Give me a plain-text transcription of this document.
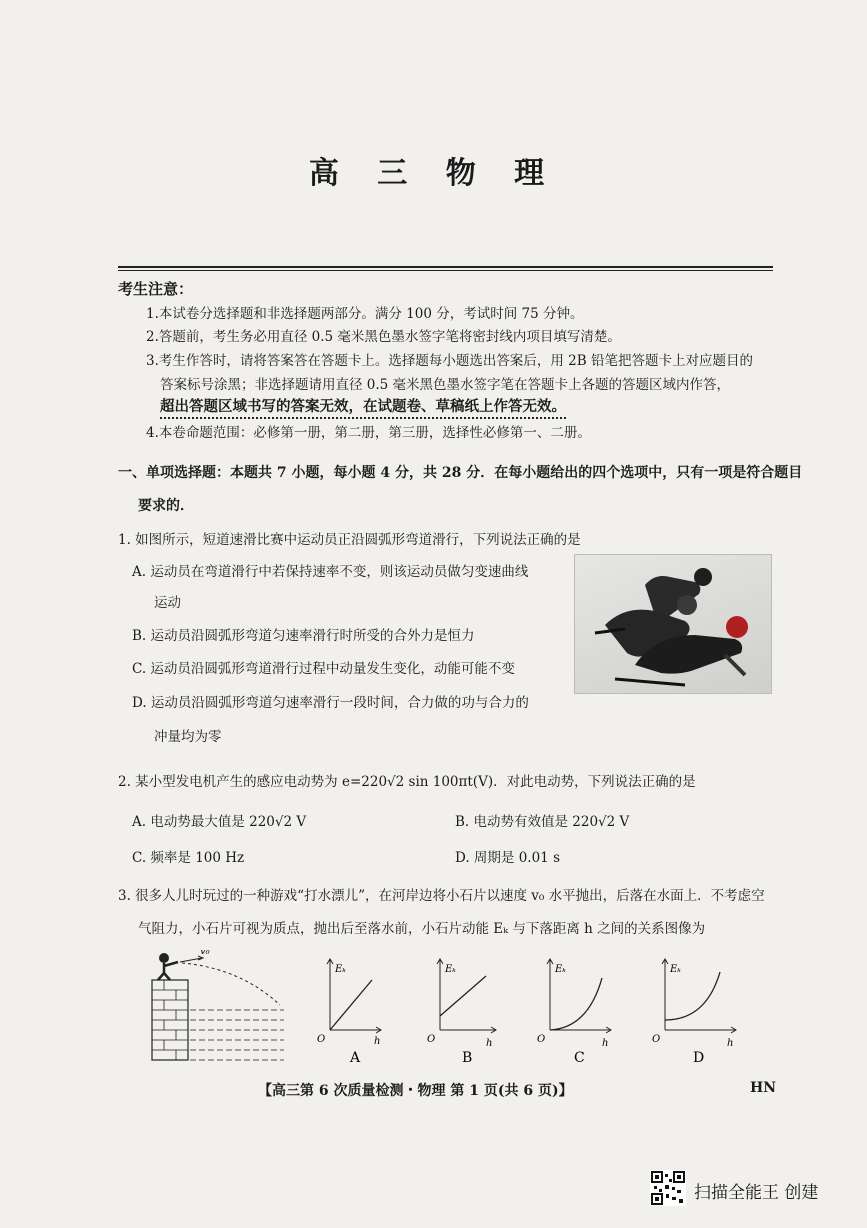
高 三 物 理
考生注意：
1.本试卷分选择题和非选择题两部分。满分 100 分，考试时间 75 分钟。
2.答题前，考生务必用直径 0.5 毫米黑色墨水签字笔将密封线内项目填写清楚。
3.考生作答时，请将答案答在答题卡上。选择题每小题选出答案后，用 2B 铅笔把答题卡上对应题目的
答案标号涂黑；非选择题请用直径 0.5 毫米黑色墨水签字笔在答题卡上各题的答题区域内作答，
超出答题区域书写的答案无效，在试题卷、草稿纸上作答无效。
4.本卷命题范围：必修第一册，第二册，第三册，选择性必修第一、二册。
一、单项选择题：本题共 7 小题，每小题 4 分，共 28 分．在每小题给出的四个选项中，只有一项是符合题目
要求的．
1. 如图所示，短道速滑比赛中运动员正沿圆弧形弯道滑行，下列说法正确的是
A. 运动员在弯道滑行中若保持速率不变，则该运动员做匀变速曲线
运动
B. 运动员沿圆弧形弯道匀速率滑行时所受的合外力是恒力
C. 运动员沿圆弧形弯道滑行过程中动量发生变化，动能可能不变
D. 运动员沿圆弧形弯道匀速率滑行一段时间，合力做的功与合力的
冲量均为零
2. 某小型发电机产生的感应电动势为 e=220√2 sin 100πt(V)．对此电动势，下列说法正确的是
A. 电动势最大值是 220√2 V	B. 电动势有效值是 220√2 V
C. 频率是 100 Hz	D. 周期是 0.01 s
3. 很多人儿时玩过的一种游戏“打水漂儿”，在河岸边将小石片以速度 v₀ 水平抛出，后落在水面上．不考虑空
气阻力，小石片可视为质点，抛出后至落水前，小石片动能 Eₖ 与下落距离 h 之间的关系图像为
v₀
Eₖ
O	h
A
Eₖ
O	h
B
Eₖ
O	h
C
Eₖ
O	h
D
【高三第 6 次质量检测・物理 第 1 页(共 6 页)】	HN
扫描全能王 创建
